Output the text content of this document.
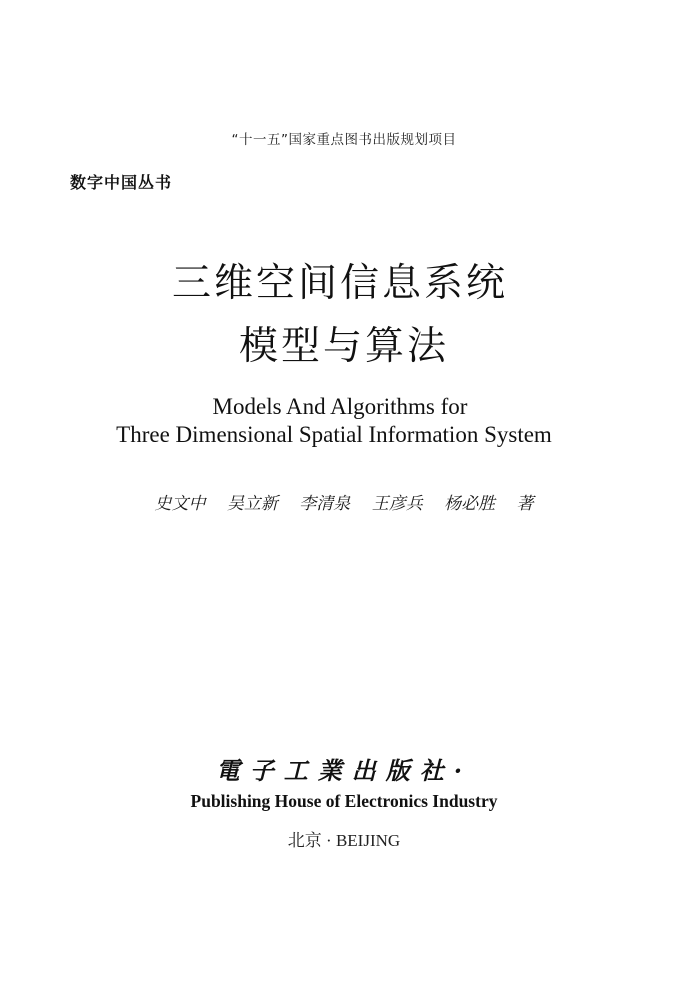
“十一五”国家重点图书出版规划项目
数字中国丛书
三维空间信息系统
模型与算法
Models And Algorithms for
Three Dimensional Spatial Information System
史文中 吴立新 李清泉 王彦兵 杨必胜 著
電子工業出版社·
Publishing House of Electronics Industry
北京 · BEIJING
